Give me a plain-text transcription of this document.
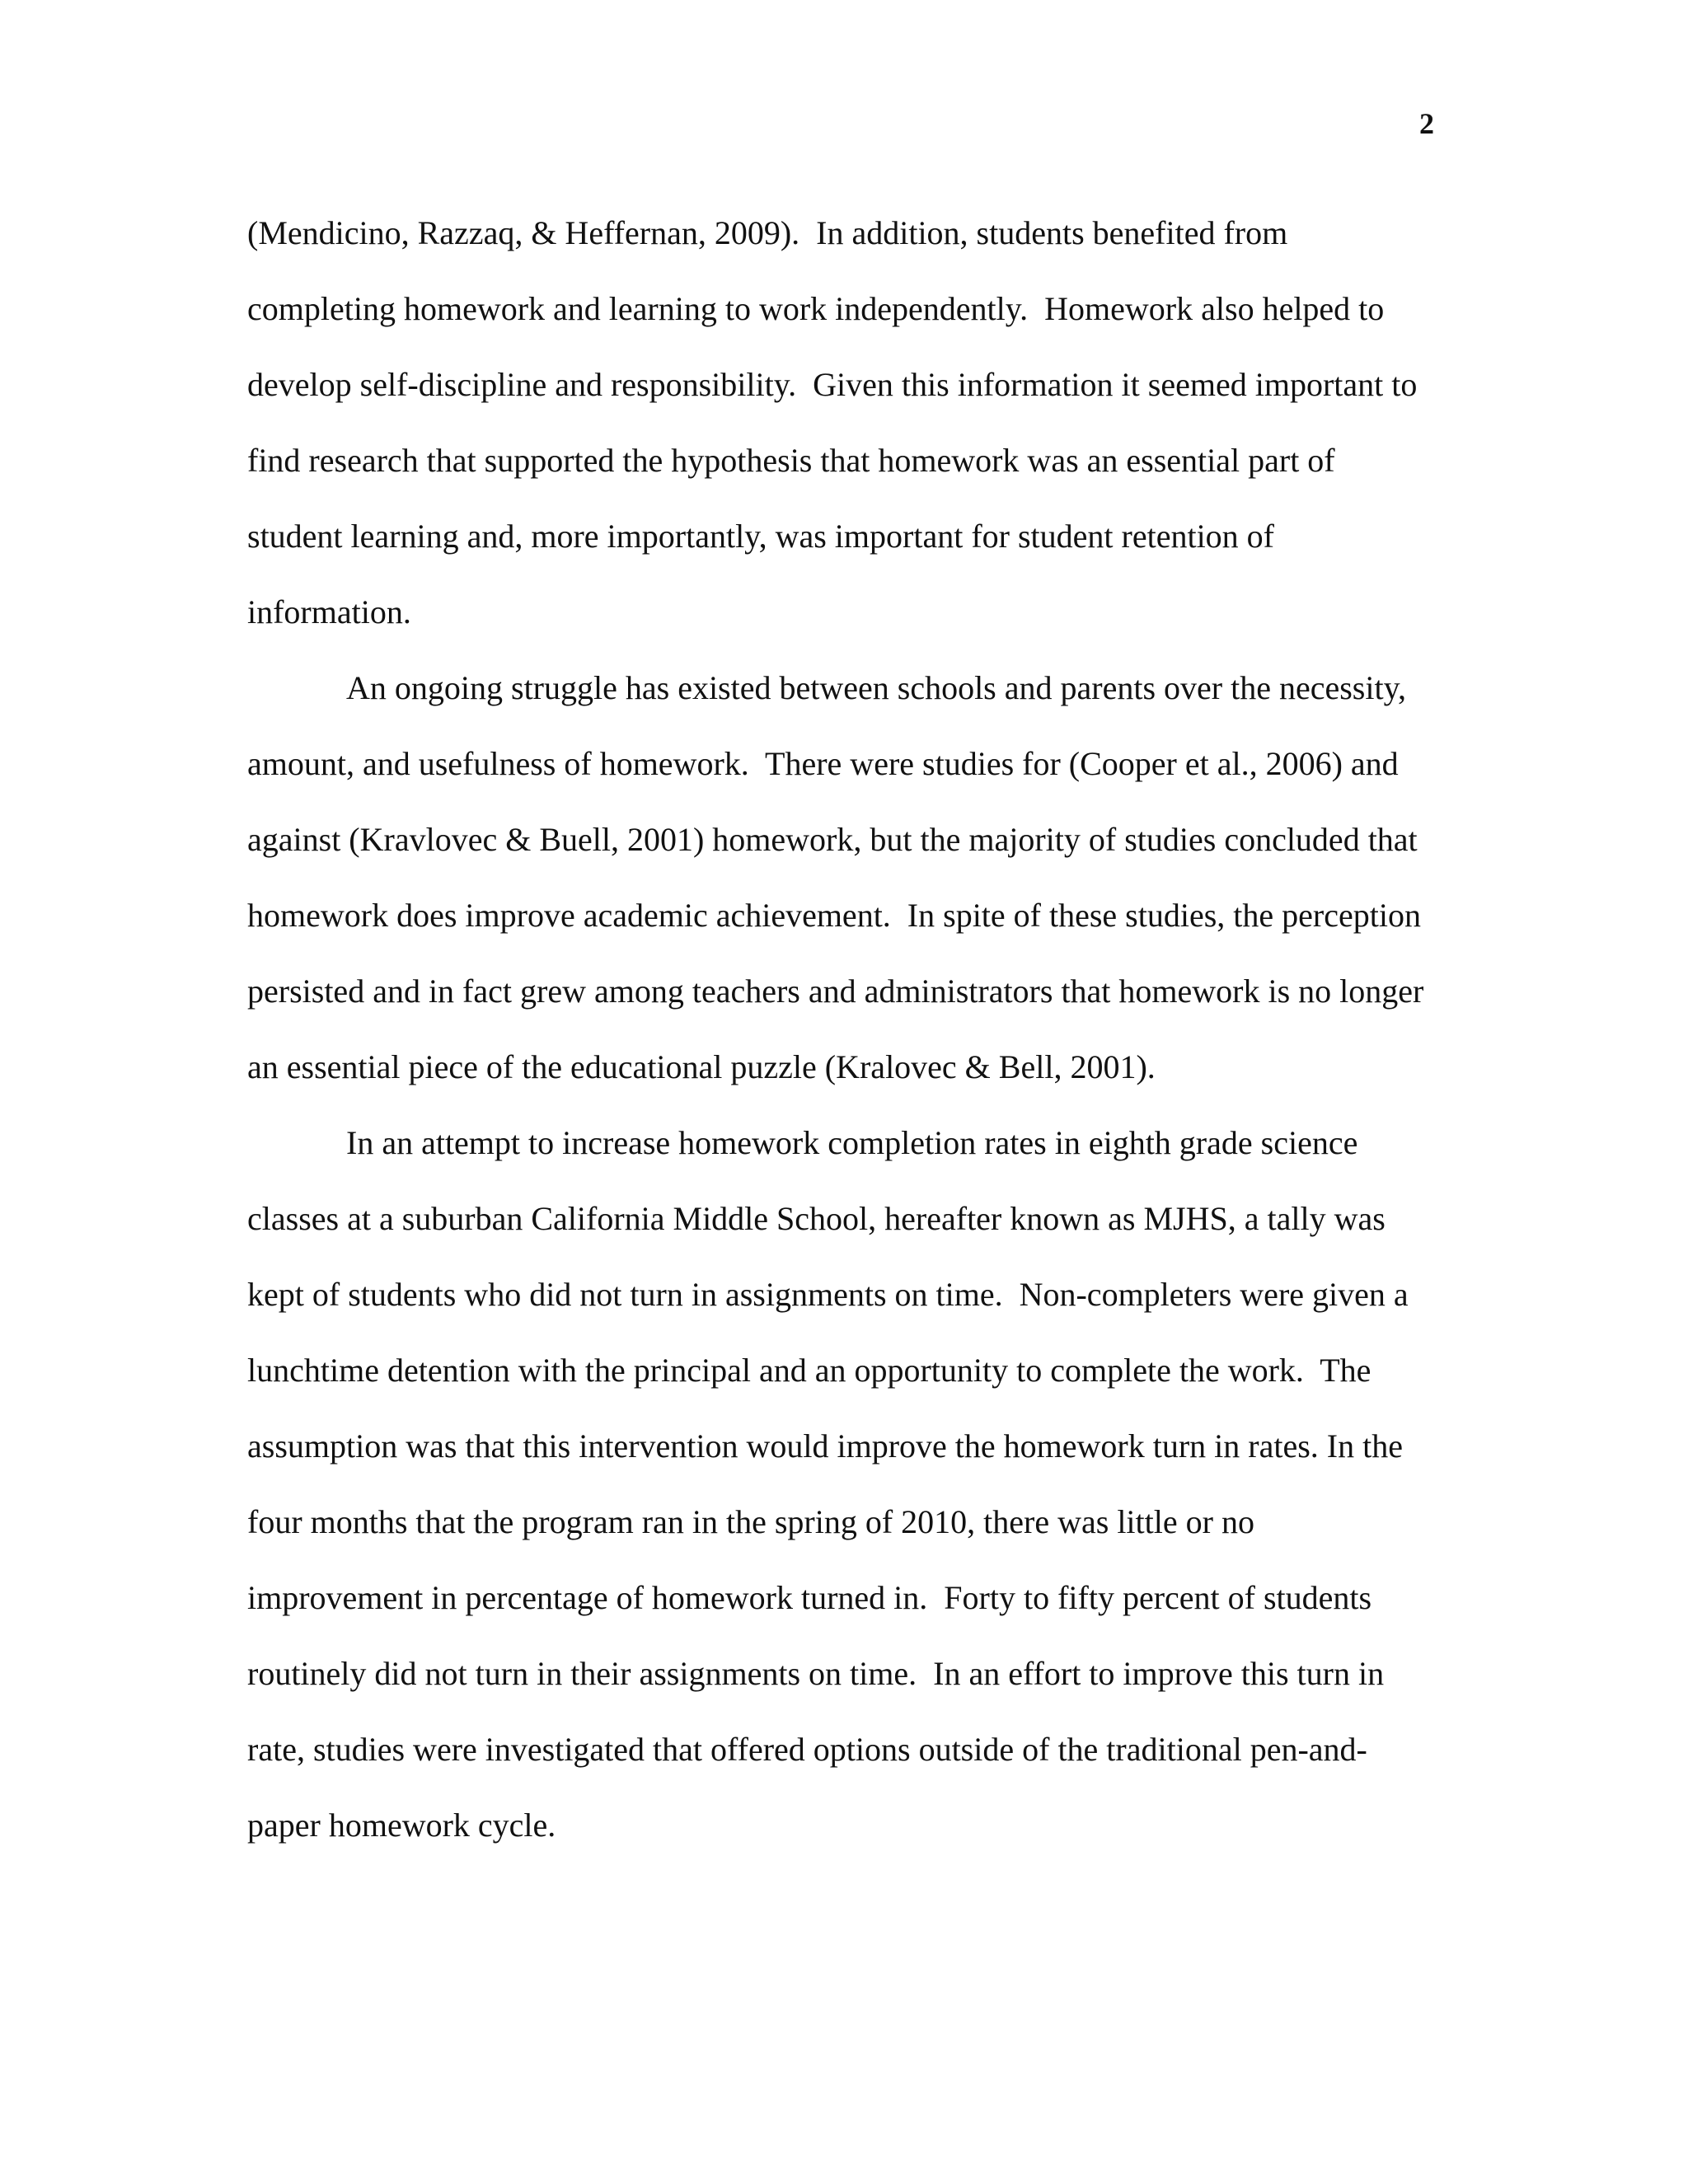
2
(Mendicino, Razzaq, & Heffernan, 2009).  In addition, students benefited from
completing homework and learning to work independently.  Homework also helped to
develop self-discipline and responsibility.  Given this information it seemed important to
find research that supported the hypothesis that homework was an essential part of
student learning and, more importantly, was important for student retention of
information.
An ongoing struggle has existed between schools and parents over the necessity,
amount, and usefulness of homework.  There were studies for (Cooper et al., 2006) and
against (Kravlovec & Buell, 2001) homework, but the majority of studies concluded that
homework does improve academic achievement.  In spite of these studies, the perception
persisted and in fact grew among teachers and administrators that homework is no longer
an essential piece of the educational puzzle (Kralovec & Bell, 2001).
In an attempt to increase homework completion rates in eighth grade science
classes at a suburban California Middle School, hereafter known as MJHS, a tally was
kept of students who did not turn in assignments on time.  Non-completers were given a
lunchtime detention with the principal and an opportunity to complete the work.  The
assumption was that this intervention would improve the homework turn in rates. In the
four months that the program ran in the spring of 2010, there was little or no
improvement in percentage of homework turned in.  Forty to fifty percent of students
routinely did not turn in their assignments on time.  In an effort to improve this turn in
rate, studies were investigated that offered options outside of the traditional pen-and-
paper homework cycle.
